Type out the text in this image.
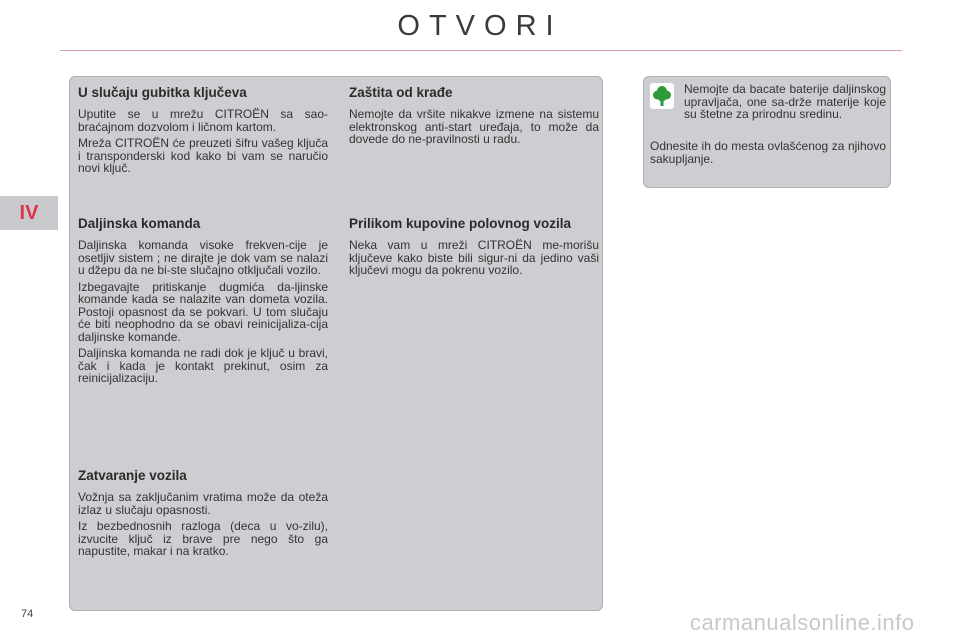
OTVORI
IV
U slučaju gubitka ključeva

Uputite se u mrežu CITROËN sa sao-braćajnom dozvolom i ličnom kartom.

Mreža CITROËN će preuzeti šifru vašeg ključa i transponderski kod kako bi vam se naručio novi ključ.

Daljinska komanda

Daljinska komanda visoke frekven-cije je osetljiv sistem ; ne dirajte je dok vam se nalazi u džepu da ne bi-ste slučajno otključali vozilo.

Izbegavajte pritiskanje dugmića da-ljinske komande kada se nalazite van dometa vozila. Postoji opasnost da se pokvari. U tom slučaju će biti neophodno da se obavi reinicijaliza-cija daljinske komande.

Daljinska komanda ne radi dok je ključ u bravi, čak i kada je kontakt prekinut, osim za reinicijalizaciju.

Zatvaranje vozila

Vožnja sa zaključanim vratima može da oteža izlaz u slučaju opasnosti.

Iz bezbednosnih razloga (deca u vo-zilu), izvucite ključ iz brave pre nego što ga napustite, makar i na kratko.

Zaštita od krađe

Nemojte da vršite nikakve izmene na sistemu elektronskog anti-start uređaja, to može da dovede do ne-pravilnosti u radu.

Prilikom kupovine polovnog vozila

Neka vam u mreži CITROËN me-morišu ključeve kako biste bili sigur-ni da jedino vaši ključevi mogu da pokrenu vozilo.

Nemojte da bacate baterije daljinskog upravljača, one sa-drže materije koje su štetne za prirodnu sredinu.

Odnesite ih do mesta ovlašćenog za njihovo sakupljanje.

74	carmanualsonline.info
